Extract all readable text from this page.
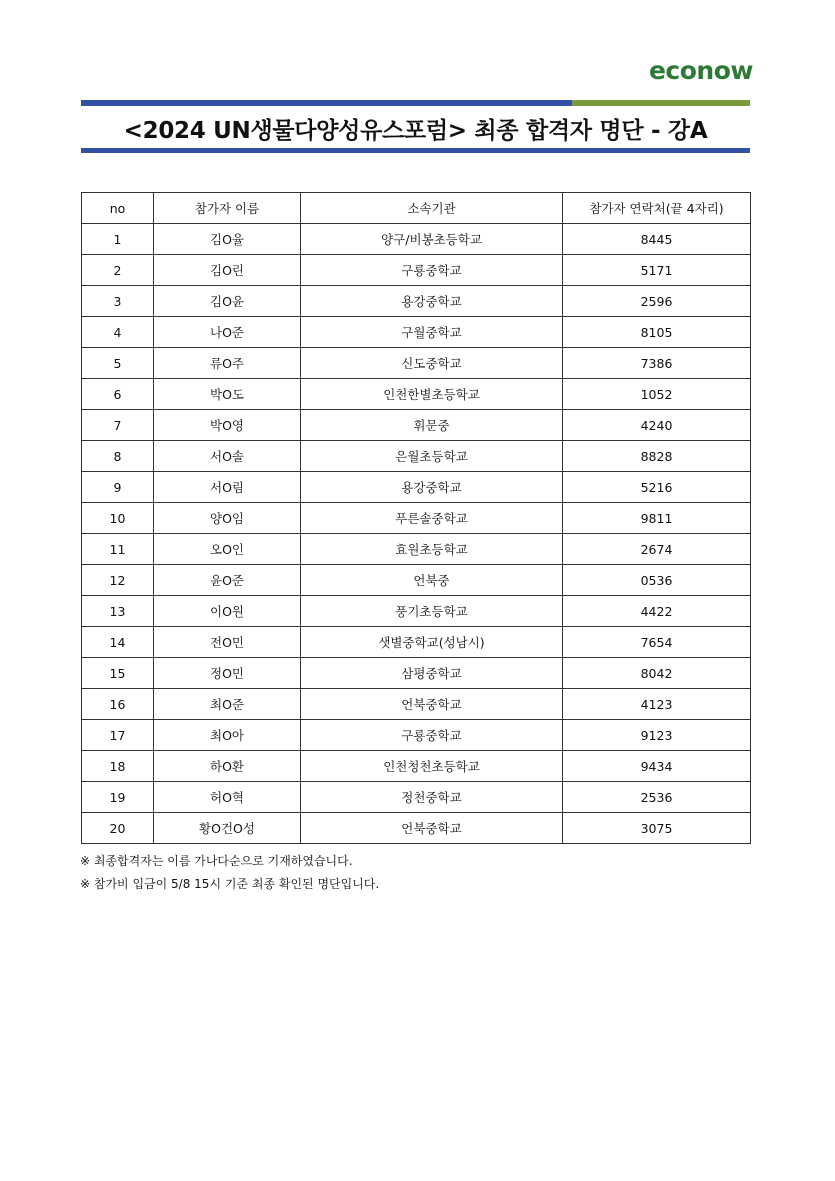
econow
<2024 UN생물다양성유스포럼> 최종 합격자 명단 - 강A
no	참가자 이름	소속기관	참가자 연락처(끝 4자리)
1	김O율	양구/비봉초등학교	8445
2	김O린	구룡중학교	5171
3	김O윤	용강중학교	2596
4	나O준	구월중학교	8105
5	류O주	신도중학교	7386
6	박O도	인천한별초등학교	1052
7	박O영	휘문중	4240
8	서O솔	은월초등학교	8828
9	서O림	용강중학교	5216
10	양O임	푸른솔중학교	9811
11	오O인	효원초등학교	2674
12	윤O준	언북중	0536
13	이O원	풍기초등학교	4422
14	전O민	샛별중학교(성남시)	7654
15	정O민	삼평중학교	8042
16	최O준	언북중학교	4123
17	최O아	구룡중학교	9123
18	하O환	인천청천초등학교	9434
19	허O혁	정천중학교	2536
20	황O건O성	언북중학교	3075
※ 최종합격자는 이름 가나다순으로 기재하였습니다.
※ 참가비 입금이 5/8 15시 기준 최종 확인된 명단입니다.
